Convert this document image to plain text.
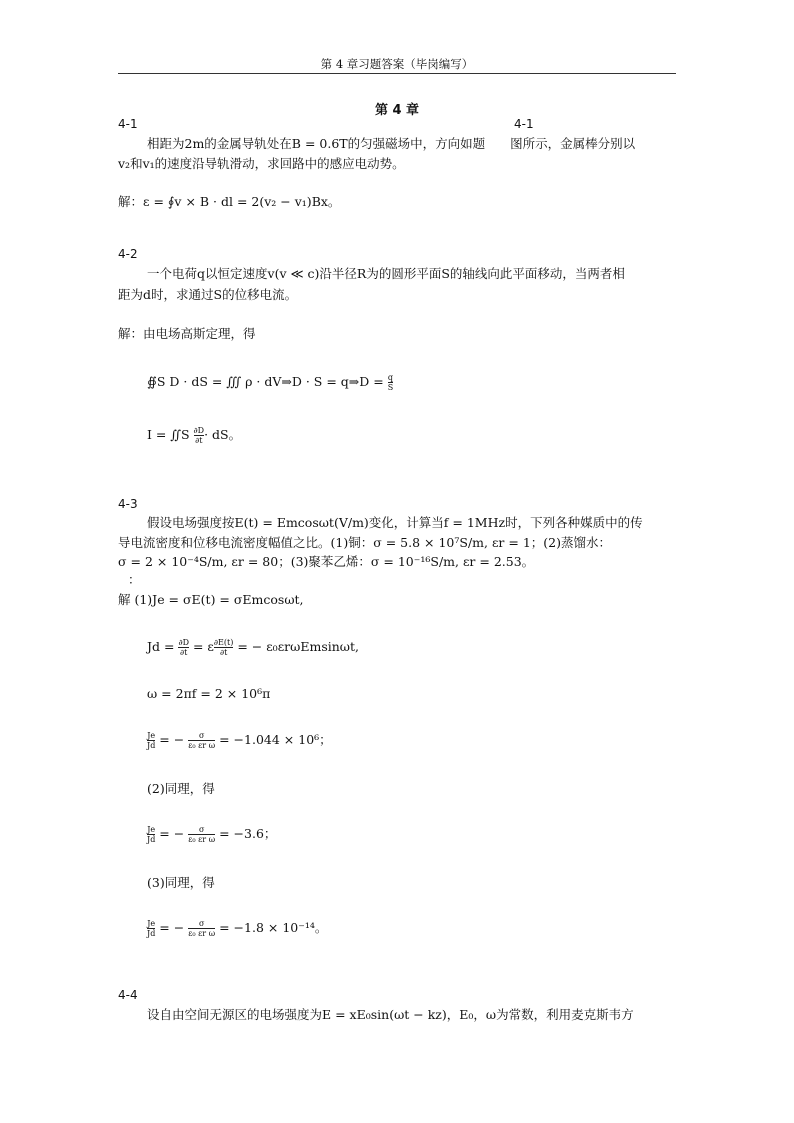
第 4 章习题答案（毕岗编写）
第 4 章
4-1	4-1
相距为2m的金属导轨处在B = 0.6T的匀强磁场中，方向如题　　图所示，金属棒分别以
v₂和v₁的速度沿导轨滑动，求回路中的感应电动势。
解：ε = ∮v × B · dl = 2(v₂ − v₁)Bx。
4-2
一个电荷q以恒定速度v(v ≪ c)沿半径R为的圆形平面S的轴线向此平面移动，当两者相
距为d时，求通过S的位移电流。
解：由电场高斯定理，得
∯S D · dS = ∭ ρ · dV⇒D · S = q⇒D = $\frac{q}{S}$
I = ∬S $\frac{\partial D}{\partial t}$ · dS。
4-3
假设电场强度按E(t) = Emcosωt(V/m)变化，计算当f = 1MHz时，下列各种媒质中的传
导电流密度和位移电流密度幅值之比。(1)铜：σ = 5.8 × 10⁷S/m, εr = 1；(2)蒸馏水：
σ = 2 × 10⁻⁴S/m, εr = 80；(3)聚苯乙烯：σ = 10⁻¹⁶S/m, εr = 2.53。
：
解 (1)Je = σE(t) = σEmcosωt,
$Jd = \frac{\partial D}{\partial t} = \varepsilon \frac{\partial E(t)}{\partial t}$ = − ε₀εrωEmsinωt,
ω = 2πf = 2 × 10⁶π
$\frac{Je}{Jd}$ = − $\frac{\sigma}{\text{ε₀ εr ω}} = -1.044 \times 10^6$；
(2)同理，得
$\frac{Je}{Jd}$ = − $\frac{\sigma}{\text{ε₀ εr ω}} = -3.6$；
(3)同理，得
$\frac{Je}{Jd}$ = − $\frac{\sigma}{\text{ε₀ εr ω}} = -1.8 \times 10^{-14}$。
4-4
设自由空间无源区的电场强度为E = xE₀sin(ωt − kz)，E₀，ω为常数，利用麦克斯韦方
